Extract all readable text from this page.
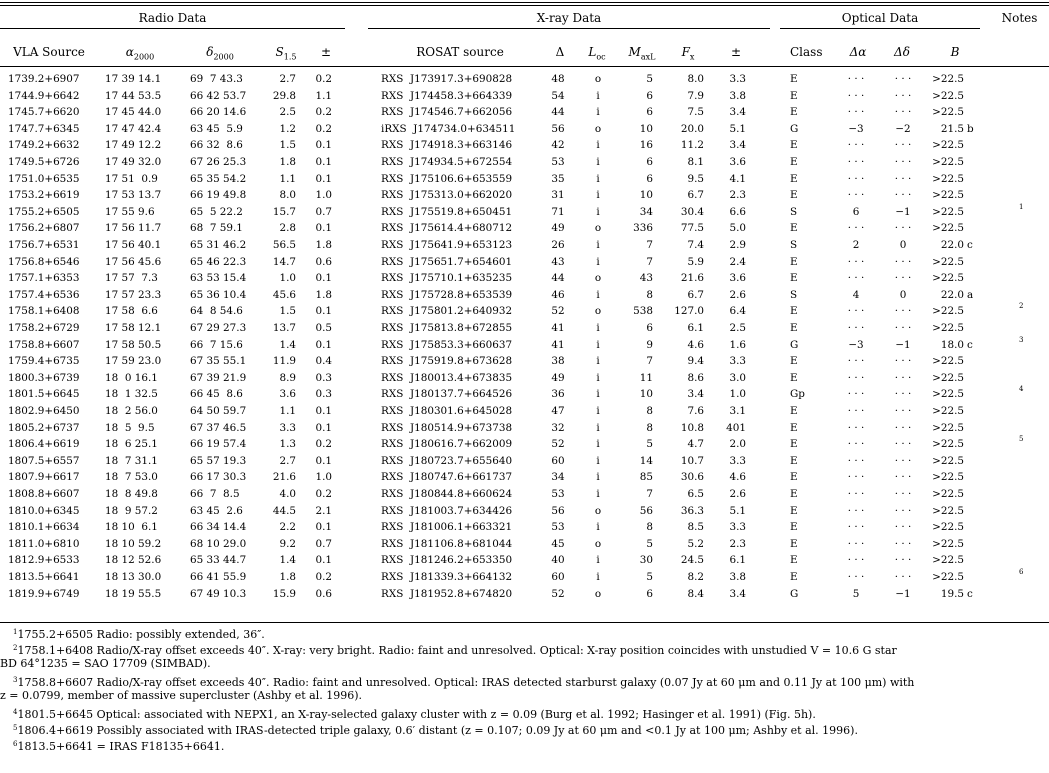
Radio Data	X-ray Data	Optical Data	Notes
VLA Source	$\alpha_{2000}$	$\delta_{2000}$	$S_{1.5}$	±	ROSAT source	Δ	$L_{oc}$	$M_{axL}$	$F_x$	±	Class	Δα	Δδ	B
1739.2+6907	17 39 14.1	69  7 43.3	2.7	0.2	RXS  J173917.3+690828	48	o	5	8.0	3.3	E	· · ·	· · ·	>22.5
1744.9+6642	17 44 53.5	66 42 53.7	29.8	1.1	RXS  J174458.3+664339	54	i	6	7.9	3.8	E	· · ·	· · ·	>22.5
1745.7+6620	17 45 44.0	66 20 14.6	2.5	0.2	RXS  J174546.7+662056	44	i	6	7.5	3.4	E	· · ·	· · ·	>22.5
1747.7+6345	17 47 42.4	63 45  5.9	1.2	0.2	iRXS  J174734.0+634511	56	o	10	20.0	5.1	G	−3	−2	21.5 b
1749.2+6632	17 49 12.2	66 32  8.6	1.5	0.1	RXS  J174918.3+663146	42	i	16	11.2	3.4	E	· · ·	· · ·	>22.5
1749.5+6726	17 49 32.0	67 26 25.3	1.8	0.1	RXS  J174934.5+672554	53	i	6	8.1	3.6	E	· · ·	· · ·	>22.5
1751.0+6535	17 51  0.9	65 35 54.2	1.1	0.1	RXS  J175106.6+653559	35	i	6	9.5	4.1	E	· · ·	· · ·	>22.5
1753.2+6619	17 53 13.7	66 19 49.8	8.0	1.0	RXS  J175313.0+662020	31	i	10	6.7	2.3	E	· · ·	· · ·	>22.5
1755.2+6505	17 55 9.6	65  5 22.2	15.7	0.7	RXS  J175519.8+650451	71	i	34	30.4	6.6	S	6	−1	>22.5	1
1756.2+6807	17 56 11.7	68  7 59.1	2.8	0.1	RXS  J175614.4+680712	49	o	336	77.5	5.0	E	· · ·	· · ·	>22.5
1756.7+6531	17 56 40.1	65 31 46.2	56.5	1.8	RXS  J175641.9+653123	26	i	7	7.4	2.9	S	2	0	22.0 c
1756.8+6546	17 56 45.6	65 46 22.3	14.7	0.6	RXS  J175651.7+654601	43	i	7	5.9	2.4	E	· · ·	· · ·	>22.5
1757.1+6353	17 57  7.3	63 53 15.4	1.0	0.1	RXS  J175710.1+635235	44	o	43	21.6	3.6	E	· · ·	· · ·	>22.5
1757.4+6536	17 57 23.3	65 36 10.4	45.6	1.8	RXS  J175728.8+653539	46	i	8	6.7	2.6	S	4	0	22.0 a
1758.1+6408	17 58  6.6	64  8 54.6	1.5	0.1	RXS  J175801.2+640932	52	o	538 127.0	6.4	E	· · ·	· · ·	>22.5	2
1758.2+6729	17 58 12.1	67 29 27.3	13.7	0.5	RXS  J175813.8+672855	41	i	6	6.1	2.5	E	· · ·	· · ·	>22.5
1758.8+6607	17 58 50.5	66  7 15.6	1.4	0.1	RXS  J175853.3+660637	41	i	9	4.6	1.6	G	−3	−1	18.0 c	3
1759.4+6735	17 59 23.0	67 35 55.1	11.9	0.4	RXS  J175919.8+673628	38	i	7	9.4	3.3	E	· · ·	· · ·	>22.5
1800.3+6739	18  0 16.1	67 39 21.9	8.9	0.3	RXS  J180013.4+673835	49	i	11	8.6	3.0	E	· · ·	· · ·	>22.5
1801.5+6645	18  1 32.5	66 45  8.6	3.6	0.3	RXS  J180137.7+664526	36	i	10	3.4	1.0	Gp	· · ·	· · ·	>22.5	4
1802.9+6450	18  2 56.0	64 50 59.7	1.1	0.1	RXS  J180301.6+645028	47	i	8	7.6	3.1	E	· · ·	· · ·	>22.5
1805.2+6737	18  5  9.5	67 37 46.5	3.3	0.1	RXS  J180514.9+673738	32	i	8	10.8	401	E	· · ·	· · ·	>22.5
1806.4+6619	18  6 25.1	66 19 57.4	1.3	0.2	RXS  J180616.7+662009	52	i	5	4.7	2.0	E	· · ·	· · ·	>22.5	5
1807.5+6557	18  7 31.1	65 57 19.3	2.7	0.1	RXS  J180723.7+655640	60	i	14	10.7	3.3	E	· · ·	· · ·	>22.5
1807.9+6617	18  7 53.0	66 17 30.3	21.6	1.0	RXS  J180747.6+661737	34	i	85	30.6	4.6	E	· · ·	· · ·	>22.5
1808.8+6607	18  8 49.8	66  7  8.5	4.0	0.2	RXS  J180844.8+660624	53	i	7	6.5	2.6	E	· · ·	· · ·	>22.5
1810.0+6345	18  9 57.2	63 45  2.6	44.5	2.1	RXS  J181003.7+634426	56	o	56	36.3	5.1	E	· · ·	· · ·	>22.5
1810.1+6634	18 10  6.1	66 34 14.4	2.2	0.1	RXS  J181006.1+663321	53	i	8	8.5	3.3	E	· · ·	· · ·	>22.5
1811.0+6810	18 10 59.2	68 10 29.0	9.2	0.7	RXS  J181106.8+681044	45	o	5	5.2	2.3	E	· · ·	· · ·	>22.5
1812.9+6533	18 12 52.6	65 33 44.7	1.4	0.1	RXS  J181246.2+653350	40	i	30	24.5	6.1	E	· · ·	· · ·	>22.5
1813.5+6641	18 13 30.0	66 41 55.9	1.8	0.2	RXS  J181339.3+664132	60	i	5	8.2	3.8	E	· · ·	· · ·	>22.5	6
1819.9+6749	18 19 55.5	67 49 10.3	15.9	0.6	RXS  J181952.8+674820	52	o	6	8.4	3.4	G	5	−1	19.5 c
$^1$1755.2+6505 Radio: possibly extended, 36″.
$^2$1758.1+6408 Radio/X-ray offset exceeds 40″. X-ray: very bright. Radio: faint and unresolved. Optical: X-ray position coincides with unstudied V = 10.6 G star
BD 64°1235 = SAO 17709 (SIMBAD).
$^3$1758.8+6607 Radio/X-ray offset exceeds 40″. Radio: faint and unresolved. Optical: IRAS detected starburst galaxy (0.07 Jy at 60 μm and 0.11 Jy at 100 μm) with
z = 0.0799, member of massive supercluster (Ashby et al. 1996).
$^4$1801.5+6645 Optical: associated with NEPX1, an X-ray-selected galaxy cluster with z = 0.09 (Burg et al. 1992; Hasinger et al. 1991) (Fig. 5h).
$^5$1806.4+6619 Possibly associated with IRAS-detected triple galaxy, 0.6′ distant (z = 0.107; 0.09 Jy at 60 μm and <0.1 Jy at 100 μm; Ashby et al. 1996).
$^6$1813.5+6641 = IRAS F18135+6641.
